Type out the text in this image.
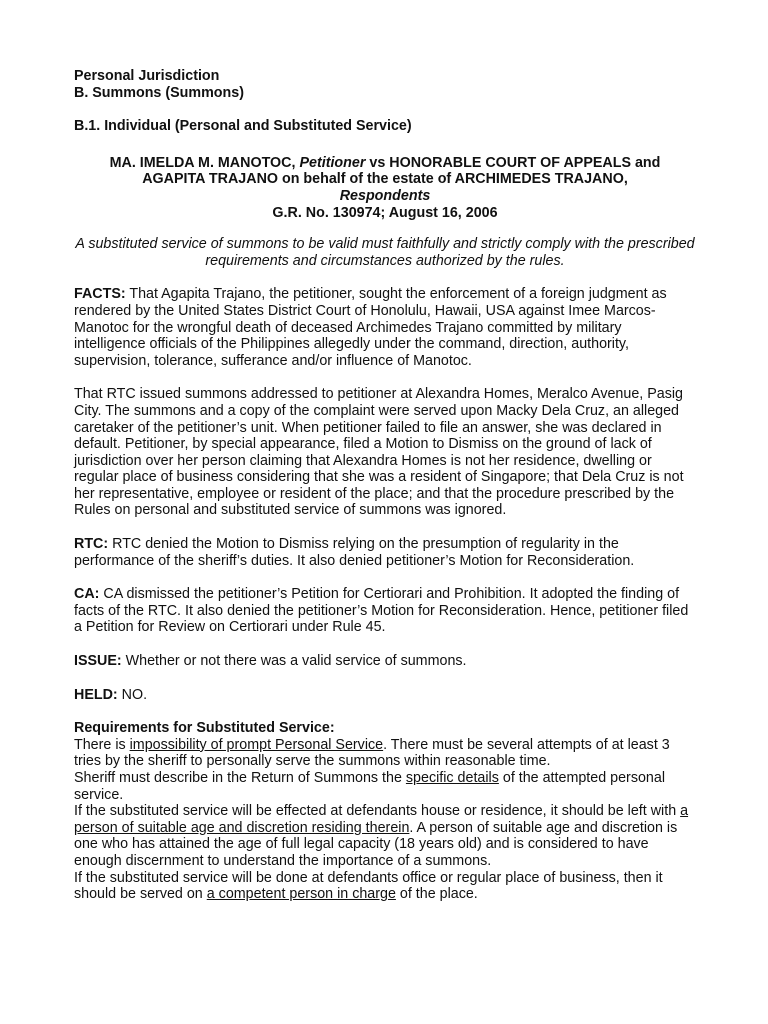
Personal Jurisdiction

B. Summons (Summons)

B.1. Individual (Personal and Substituted Service)

MA. IMELDA M. MANOTOC, Petitioner vs HONORABLE COURT OF APPEALS and

AGAPITA TRAJANO on behalf of the estate of ARCHIMEDES TRAJANO,

Respondents

G.R. No. 130974; August 16, 2006

A substituted service of summons to be valid must faithfully and strictly comply with the prescribed requirements and circumstances authorized by the rules.

FACTS: That Agapita Trajano, the petitioner, sought the enforcement of a foreign judgment as rendered by the United States District Court of Honolulu, Hawaii, USA against Imee Marcos-Manotoc for the wrongful death of deceased Archimedes Trajano committed by military intelligence officials of the Philippines allegedly under the command, direction, authority, supervision, tolerance, sufferance and/or influence of Manotoc.

That RTC issued summons addressed to petitioner at Alexandra Homes, Meralco Avenue, Pasig City. The summons and a copy of the complaint were served upon Macky Dela Cruz, an alleged caretaker of the petitioner’s unit. When petitioner failed to file an answer, she was declared in default. Petitioner, by special appearance, filed a Motion to Dismiss on the ground of lack of jurisdiction over her person claiming that Alexandra Homes is not her residence, dwelling or regular place of business considering that she was a resident of Singapore; that Dela Cruz is not her representative, employee or resident of the place; and that the procedure prescribed by the Rules on personal and substituted service of summons was ignored.

RTC: RTC denied the Motion to Dismiss relying on the presumption of regularity in the performance of the sheriff’s duties. It also denied petitioner’s Motion for Reconsideration.

CA: CA dismissed the petitioner’s Petition for Certiorari and Prohibition. It adopted the finding of facts of the RTC. It also denied the petitioner’s Motion for Reconsideration. Hence, petitioner filed a Petition for Review on Certiorari under Rule 45.

ISSUE: Whether or not there was a valid service of summons.

HELD: NO.

Requirements for Substituted Service:

There is impossibility of prompt Personal Service. There must be several attempts of at least 3 tries by the sheriff to personally serve the summons within reasonable time.

Sheriff must describe in the Return of Summons the specific details of the attempted personal service.

If the substituted service will be effected at defendants house or residence, it should be left with a person of suitable age and discretion residing therein. A person of suitable age and discretion is one who has attained the age of full legal capacity (18 years old) and is considered to have enough discernment to understand the importance of a summons.

If the substituted service will be done at defendants office or regular place of business, then it should be served on a competent person in charge of the place.
